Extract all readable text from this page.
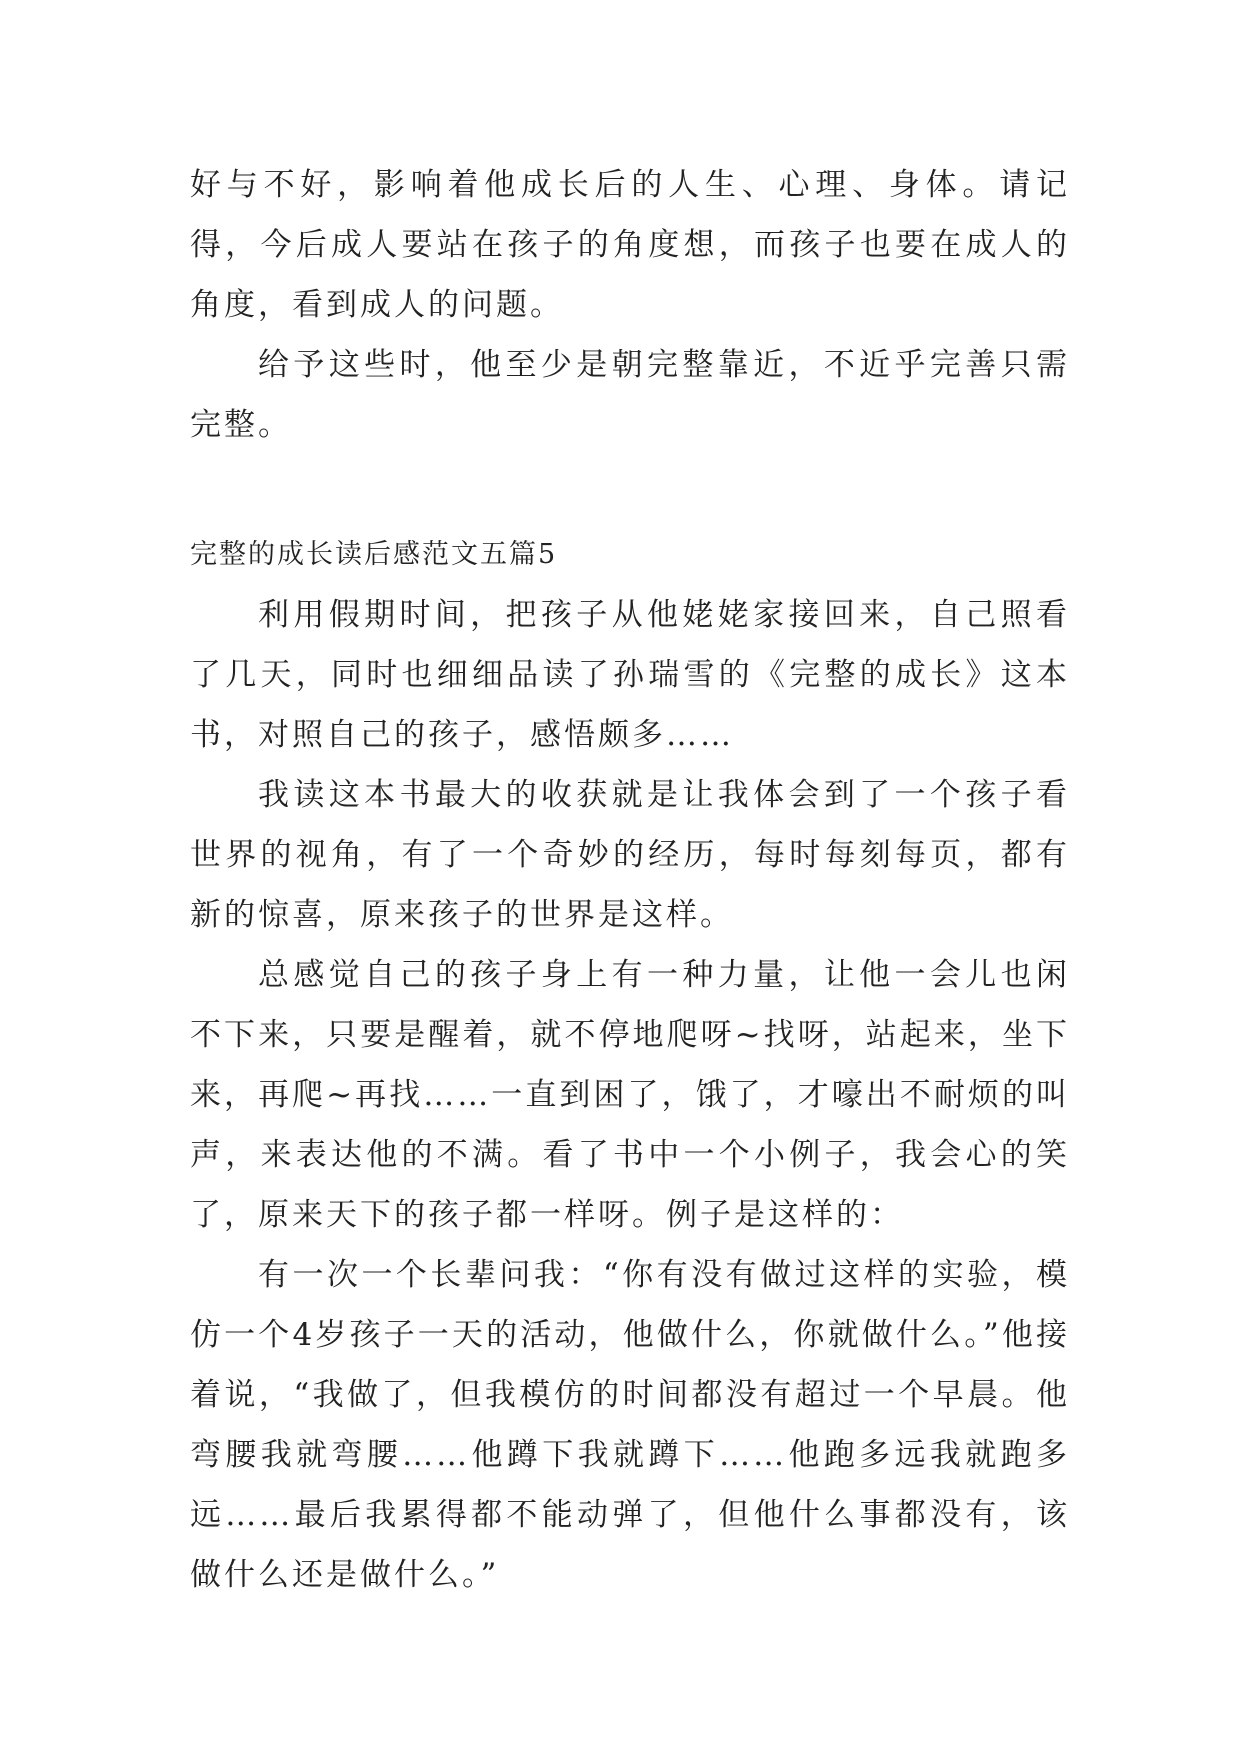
好与不好，影响着他成长后的人生、心理、身体。请记得，今后成人要站在孩子的角度想，而孩子也要在成人的角度，看到成人的问题。

给予这些时，他至少是朝完整靠近，不近乎完善只需完整。

完整的成长读后感范文五篇5

利用假期时间，把孩子从他姥姥家接回来，自己照看了几天，同时也细细品读了孙瑞雪的《完整的成长》这本书，对照自己的孩子，感悟颇多……

我读这本书最大的收获就是让我体会到了一个孩子看世界的视角，有了一个奇妙的经历，每时每刻每页，都有新的惊喜，原来孩子的世界是这样。

总感觉自己的孩子身上有一种力量，让他一会儿也闲不下来，只要是醒着，就不停地爬呀~找呀，站起来，坐下来，再爬~再找……一直到困了，饿了，才嚎出不耐烦的叫声，来表达他的不满。看了书中一个小例子，我会心的笑了，原来天下的孩子都一样呀。例子是这样的：

有一次一个长辈问我：“你有没有做过这样的实验，模仿一个4岁孩子一天的活动，他做什么，你就做什么。”他接着说，“我做了，但我模仿的时间都没有超过一个早晨。他弯腰我就弯腰……他蹲下我就蹲下……他跑多远我就跑多远……最后我累得都不能动弹了，但他什么事都没有，该做什么还是做什么。”
